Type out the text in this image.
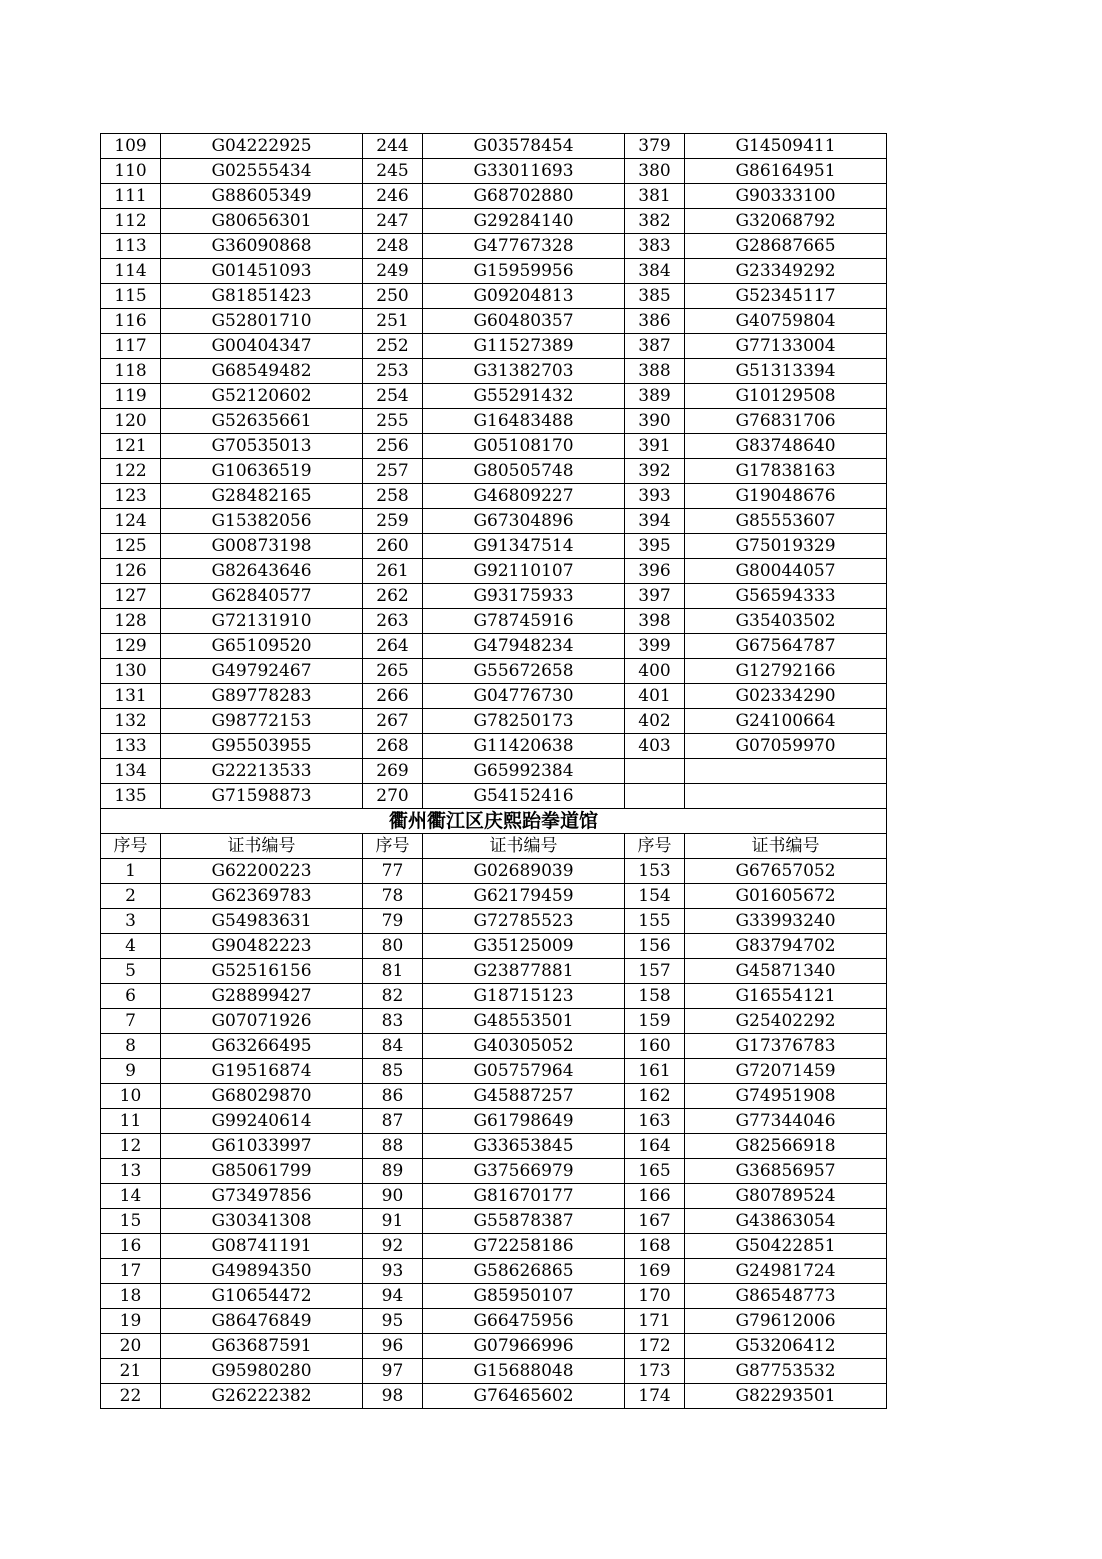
109	G04222925	244	G03578454	379	G14509411
110	G02555434	245	G33011693	380	G86164951
111	G88605349	246	G68702880	381	G90333100
112	G80656301	247	G29284140	382	G32068792
113	G36090868	248	G47767328	383	G28687665
114	G01451093	249	G15959956	384	G23349292
115	G81851423	250	G09204813	385	G52345117
116	G52801710	251	G60480357	386	G40759804
117	G00404347	252	G11527389	387	G77133004
118	G68549482	253	G31382703	388	G51313394
119	G52120602	254	G55291432	389	G10129508
120	G52635661	255	G16483488	390	G76831706
121	G70535013	256	G05108170	391	G83748640
122	G10636519	257	G80505748	392	G17838163
123	G28482165	258	G46809227	393	G19048676
124	G15382056	259	G67304896	394	G85553607
125	G00873198	260	G91347514	395	G75019329
126	G82643646	261	G92110107	396	G80044057
127	G62840577	262	G93175933	397	G56594333
128	G72131910	263	G78745916	398	G35403502
129	G65109520	264	G47948234	399	G67564787
130	G49792467	265	G55672658	400	G12792166
131	G89778283	266	G04776730	401	G02334290
132	G98772153	267	G78250173	402	G24100664
133	G95503955	268	G11420638	403	G07059970
134	G22213533	269	G65992384		
135	G71598873	270	G54152416		
衢州衢江区庆熙跆拳道馆					
序号	证书编号	序号	证书编号	序号	证书编号
1	G62200223	77	G02689039	153	G67657052
2	G62369783	78	G62179459	154	G01605672
3	G54983631	79	G72785523	155	G33993240
4	G90482223	80	G35125009	156	G83794702
5	G52516156	81	G23877881	157	G45871340
6	G28899427	82	G18715123	158	G16554121
7	G07071926	83	G48553501	159	G25402292
8	G63266495	84	G40305052	160	G17376783
9	G19516874	85	G05757964	161	G72071459
10	G68029870	86	G45887257	162	G74951908
11	G99240614	87	G61798649	163	G77344046
12	G61033997	88	G33653845	164	G82566918
13	G85061799	89	G37566979	165	G36856957
14	G73497856	90	G81670177	166	G80789524
15	G30341308	91	G55878387	167	G43863054
16	G08741191	92	G72258186	168	G50422851
17	G49894350	93	G58626865	169	G24981724
18	G10654472	94	G85950107	170	G86548773
19	G86476849	95	G66475956	171	G79612006
20	G63687591	96	G07966996	172	G53206412
21	G95980280	97	G15688048	173	G87753532
22	G26222382	98	G76465602	174	G82293501
